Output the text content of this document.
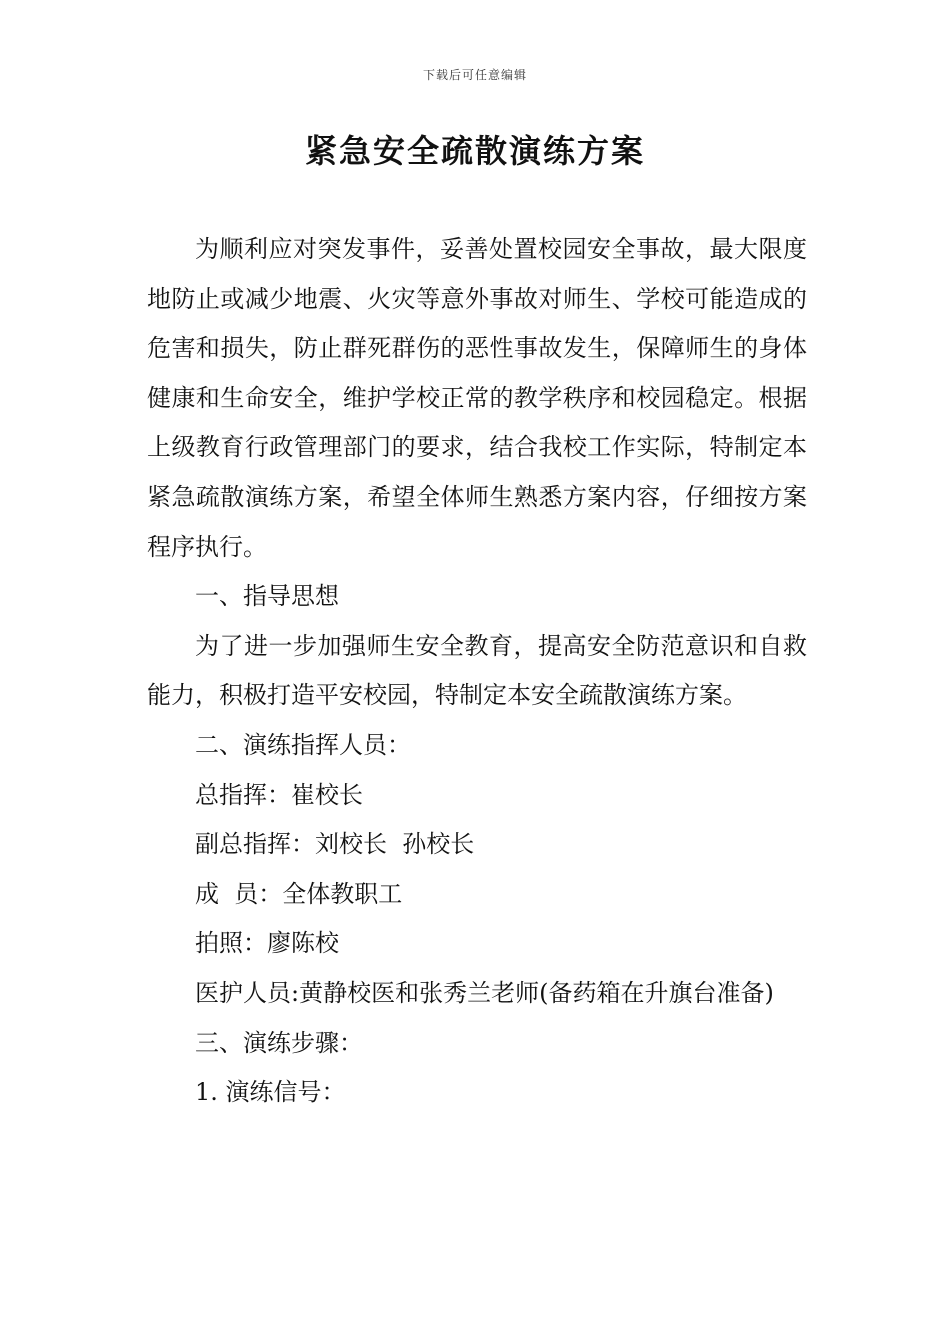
下载后可任意编辑
紧急安全疏散演练方案

为顺利应对突发事件，妥善处置校园安全事故，最大限度地防止或减少地震、火灾等意外事故对师生、学校可能造成的危害和损失，防止群死群伤的恶性事故发生，保障师生的身体健康和生命安全，维护学校正常的教学秩序和校园稳定。根据上级教育行政管理部门的要求，结合我校工作实际，特制定本紧急疏散演练方案，希望全体师生熟悉方案内容，仔细按方案程序执行。

一、指导思想

为了进一步加强师生安全教育，提高安全防范意识和自救能力，积极打造平安校园，特制定本安全疏散演练方案。

二、演练指挥人员：

总指挥：崔校长

副总指挥：刘校长  孙校长

成  员：全体教职工

拍照：廖陈校

医护人员:黄静校医和张秀兰老师(备药箱在升旗台准备)

三、演练步骤：

1. 演练信号：
